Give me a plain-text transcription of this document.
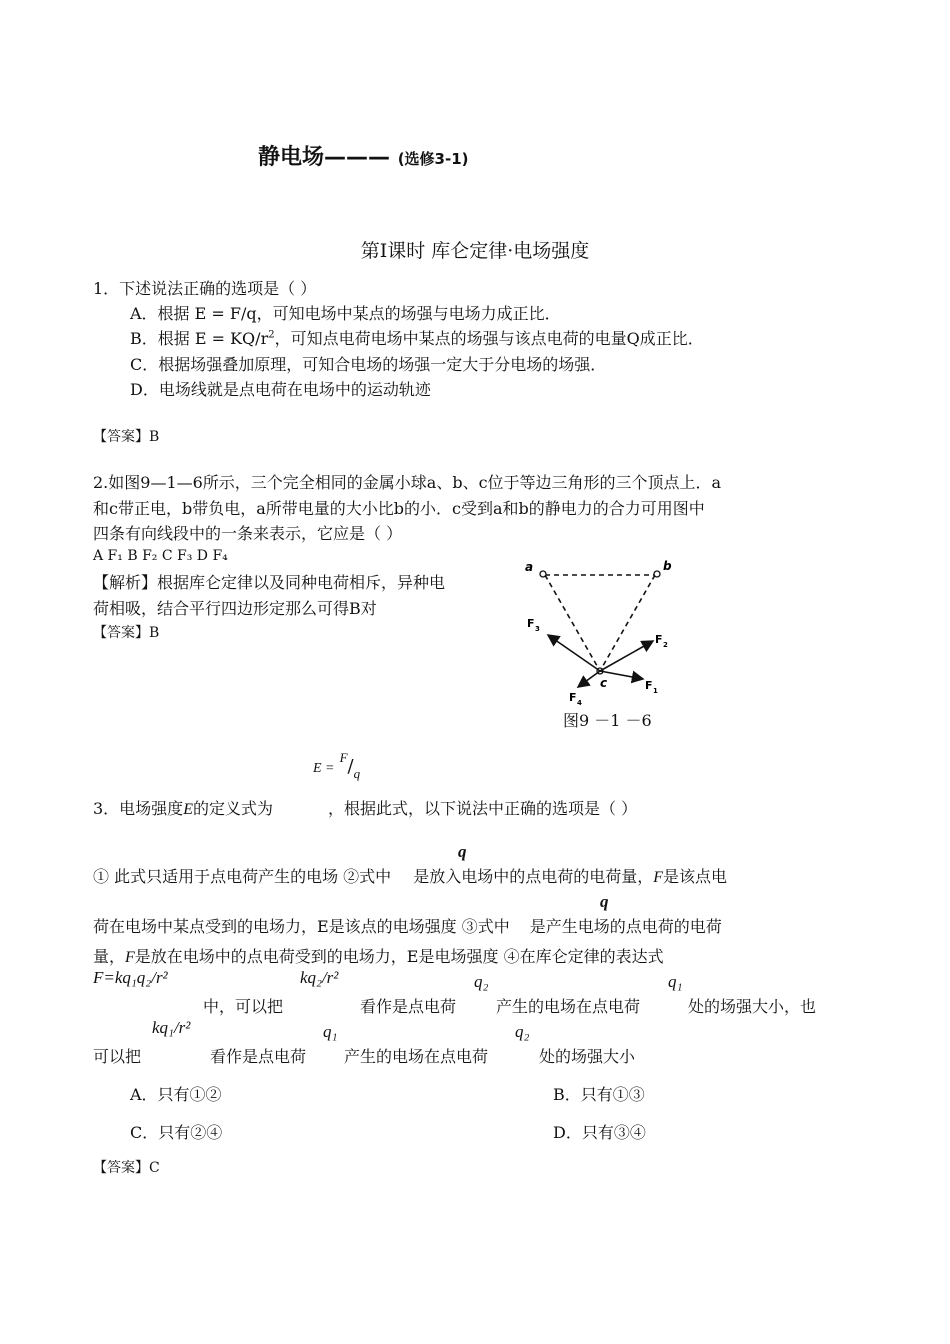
静电场——— (选修3-1)
第Ⅰ课时 库仑定律·电场强度
1．下述说法正确的选项是（ ）
A．根据 E = F/q，可知电场中某点的场强与电场力成正比．
B．根据 $E = KQ/r^2$，可知点电荷电场中某点的场强与该点电荷的电量Q成正比．
C．根据场强叠加原理，可知合电场的场强一定大于分电场的场强．
D．电场线就是点电荷在电场中的运动轨迹
【答案】B
2.如图9—1—6所示，三个完全相同的金属小球a、b、c位于等边三角形的三个顶点上．a
和c带正电，b带负电，a所带电量的大小比b的小．c受到a和b的静电力的合力可用图中
四条有向线段中的一条来表示，它应是（ ）
A F₁ B F₂ C F₃ D F₄
【解析】根据库仑定律以及同种电荷相斥，异种电
荷相吸，结合平行四边形定那么可得B对
【答案】B
a	b
c
F 3
F 2
F 1
F 4
图9 －1 －6
$E = ^F/_q$
3．电场强度E的定义式为	，根据此式，以下说法中正确的选项是（ ）
q
① 此式只适用于点电荷产生的电场 ②式中 是放入电场中的点电荷的电荷量，F是该点电
q
荷在电场中某点受到的电场力，E是该点的电场强度 ③式中 是产生电场的点电荷的电荷
量，F是放在电场中的点电荷受到的电场力，E是电场强度 ④在库仑定律的表达式
F=kq₁q₂/r²	kq₂/r²	q₂	q₁
中，可以把	看作是点电荷 产生的电场在点电荷	处的场强大小，也
kq₁/r²	q₁	q₂
可以把	看作是点电荷 产生的电场在点电荷	处的场强大小
A．只有①②	B．只有①③
C．只有②④	D．只有③④
【答案】C
